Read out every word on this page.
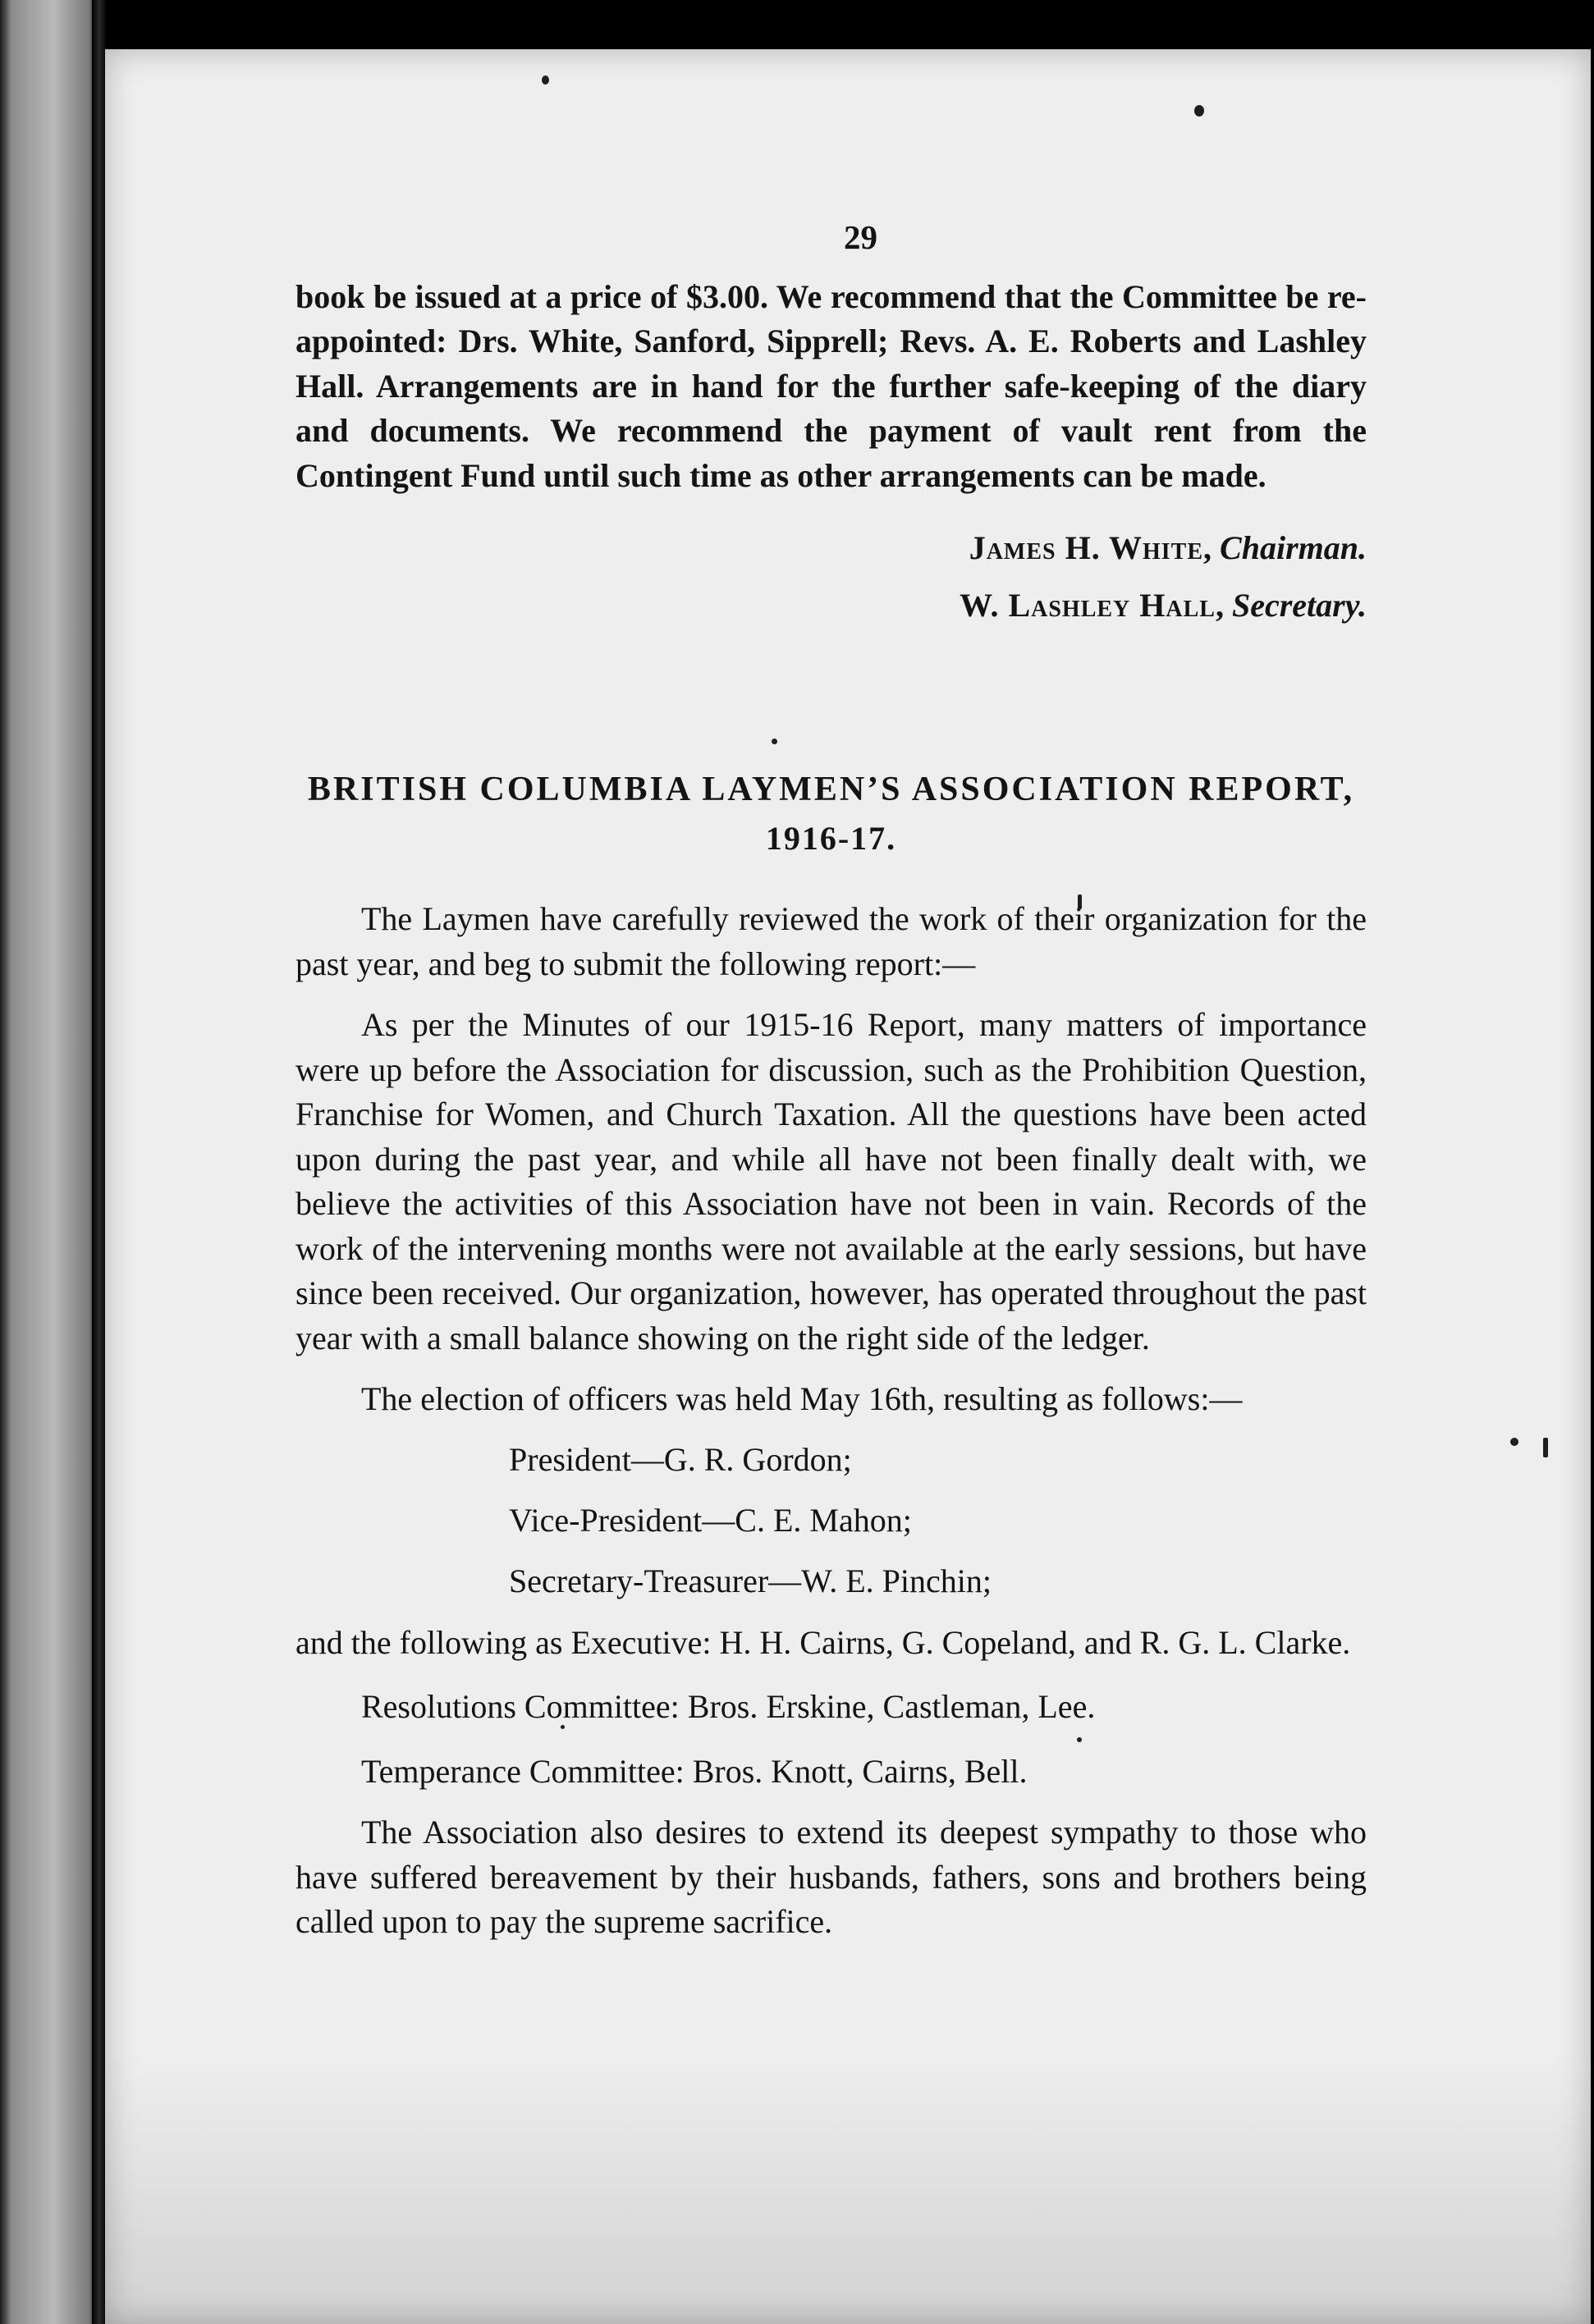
29
book be issued at a price of $3.00. We recommend that the Committee be re-appointed: Drs. White, Sanford, Sipprell; Revs. A. E. Roberts and Lashley Hall. Arrangements are in hand for the further safe-keeping of the diary and documents. We recommend the payment of vault rent from the Contingent Fund until such time as other arrangements can be made.
James H. White, Chairman.
W. Lashley Hall, Secretary.
BRITISH COLUMBIA LAYMEN’S ASSOCIATION REPORT,
1916-17.

The Laymen have carefully reviewed the work of their organization for the past year, and beg to submit the following report:—

As per the Minutes of our 1915-16 Report, many matters of importance were up before the Association for discussion, such as the Prohibition Question, Franchise for Women, and Church Taxation. All the questions have been acted upon during the past year, and while all have not been finally dealt with, we believe the activities of this Association have not been in vain. Records of the work of the intervening months were not available at the early sessions, but have since been received. Our organization, however, has operated throughout the past year with a small balance showing on the right side of the ledger.

The election of officers was held May 16th, resulting as follows:—

President—G. R. Gordon;
Vice-President—C. E. Mahon;
Secretary-Treasurer—W. E. Pinchin;

and the following as Executive: H. H. Cairns, G. Copeland, and R. G. L. Clarke.

Resolutions Committee: Bros. Erskine, Castleman, Lee.

Temperance Committee: Bros. Knott, Cairns, Bell.

The Association also desires to extend its deepest sympathy to those who have suffered bereavement by their husbands, fathers, sons and brothers being called upon to pay the supreme sacrifice.
